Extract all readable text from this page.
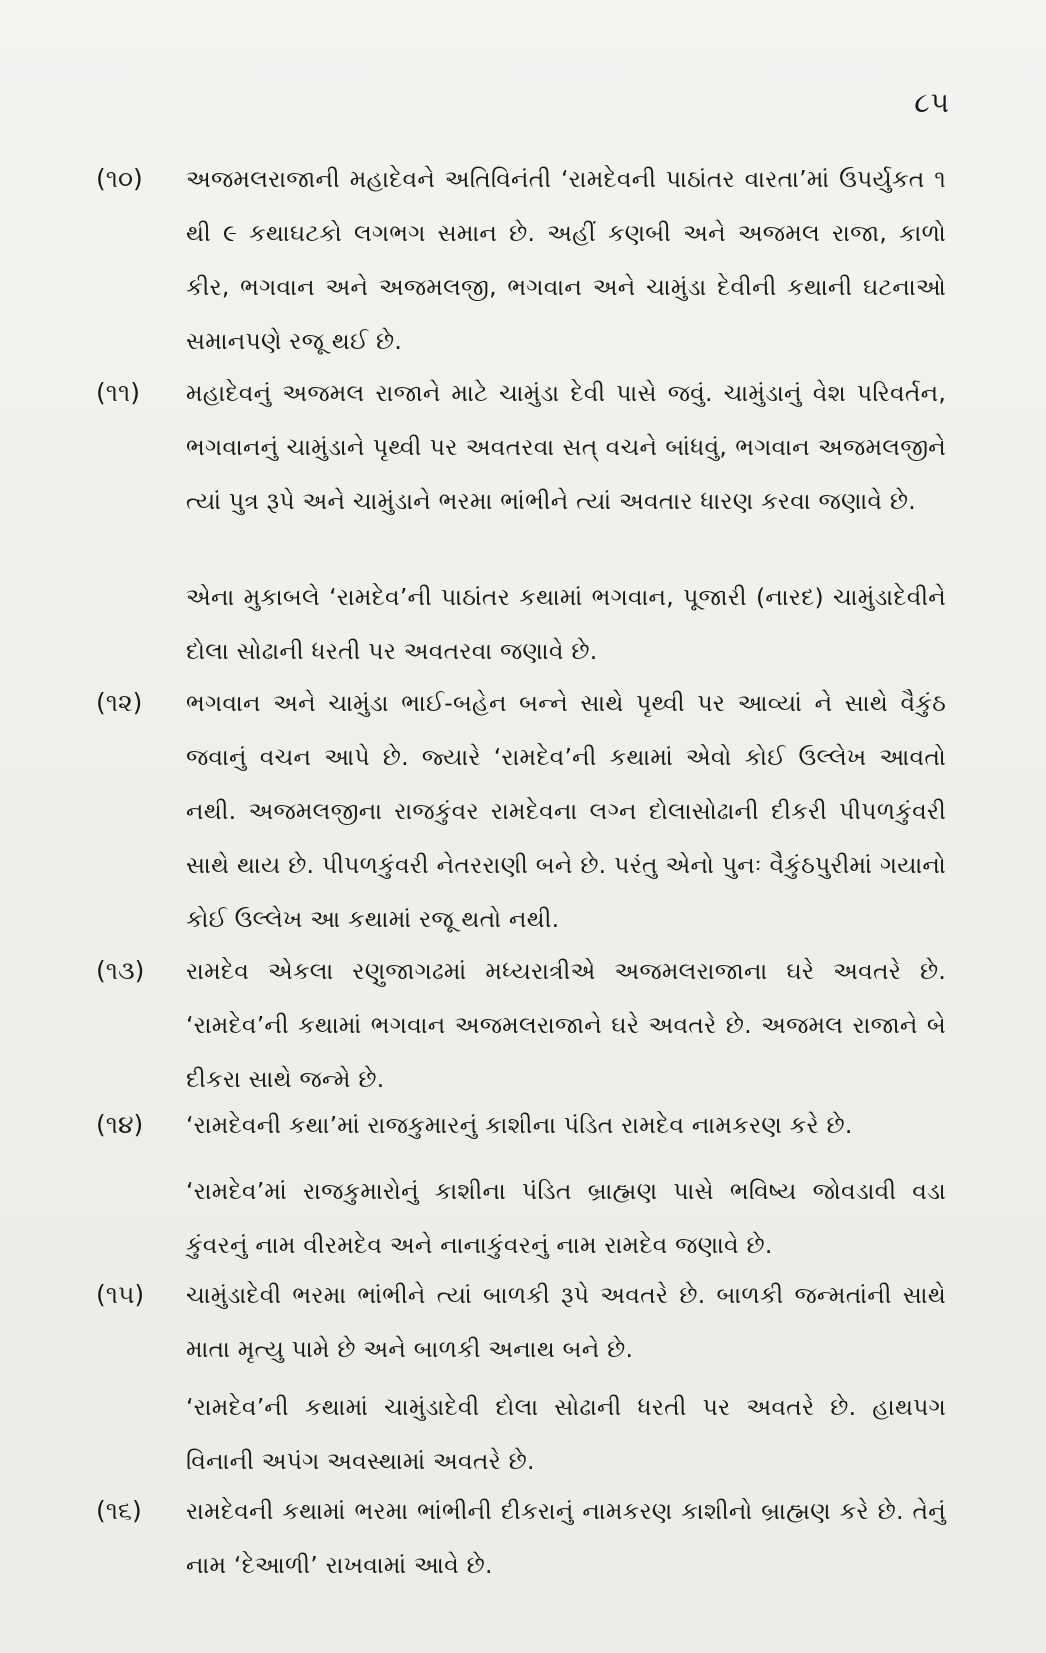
૮૫
(૧૦)	અજમલરાજાની મહાદેવને અતિવિનંતી ‘રામદેવની પાઠાંતર વારતા’માં ઉપર્યુકત ૧ થી ૯ કથાઘટકો લગભગ સમાન છે. અહીં કણબી અને અજમલ રાજા, કાળો કીર, ભગવાન અને અજમલજી, ભગવાન અને ચામુંડા દેવીની કથાની ઘટનાઓ સમાનપણે રજૂ થઈ છે.
(૧૧)	મહાદેવનું અજમલ રાજાને માટે ચામુંડા દેવી પાસે જવું. ચામુંડાનું વેશ પરિવર્તન, ભગવાનનું ચામુંડાને પૃથ્વી પર અવતરવા સત્ વચને બાંધવું, ભગવાન અજમલજીને ત્યાં પુત્ર રૂપે અને ચામુંડાને ભરમા ભાંભીને ત્યાં અવતાર ધારણ કરવા જણાવે છે.
એના મુકાબલે ‘રામદેવ’ની પાઠાંતર કથામાં ભગવાન, પૂજારી (નારદ) ચામુંડાદેવીને દોલા સોઢાની ધરતી પર અવતરવા જણાવે છે.
(૧૨)	ભગવાન અને ચામુંડા ભાઈ-બહેન બન્ને સાથે પૃથ્વી પર આવ્યાં ને સાથે વૈકુંઠ જવાનું વચન આપે છે. જ્યારે ‘રામદેવ’ની કથામાં એવો કોઈ ઉલ્લેખ આવતો નથી. અજમલજીના રાજકુંવર રામદેવના લગ્ન દોલાસોઢાની દીકરી પીપળકુંવરી સાથે થાય છે. પીપળકુંવરી નેતરરાણી બને છે. પરંતુ એનો પુનઃ વૈકુંઠપુરીમાં ગયાનો કોઈ ઉલ્લેખ આ કથામાં રજૂ થતો નથી.
(૧૩)	રામદેવ એકલા રણુજાગઢમાં મધ્યરાત્રીએ અજમલરાજાના ઘરે અવતરે છે. ‘રામદેવ’ની કથામાં ભગવાન અજમલરાજાને ઘરે અવતરે છે. અજમલ રાજાને બે દીકરા સાથે જન્મે છે.
(૧૪)	‘રામદેવની કથા’માં રાજકુમારનું કાશીના પંડિત રામદેવ નામકરણ કરે છે.
‘રામદેવ’માં રાજકુમારોનું કાશીના પંડિત બ્રાહ્મણ પાસે ભવિષ્ય જોવડાવી વડા કુંવરનું નામ વીરમદેવ અને નાનાકુંવરનું નામ રામદેવ જણાવે છે.
(૧૫)	ચામુંડાદેવી ભરમા ભાંભીને ત્યાં બાળકી રૂપે અવતરે છે. બાળકી જન્મતાંની સાથે માતા મૃત્યુ પામે છે અને બાળકી અનાથ બને છે.
‘રામદેવ’ની કથામાં ચામુંડાદેવી દોલા સોઢાની ધરતી પર અવતરે છે. હાથપગ વિનાની અપંગ અવસ્થામાં અવતરે છે.
(૧૬)	રામદેવની કથામાં ભરમા ભાંભીની દીકરાનું નામકરણ કાશીનો બ્રાહ્મણ કરે છે. તેનું નામ ‘દેઆળી’ રાખવામાં આવે છે.
